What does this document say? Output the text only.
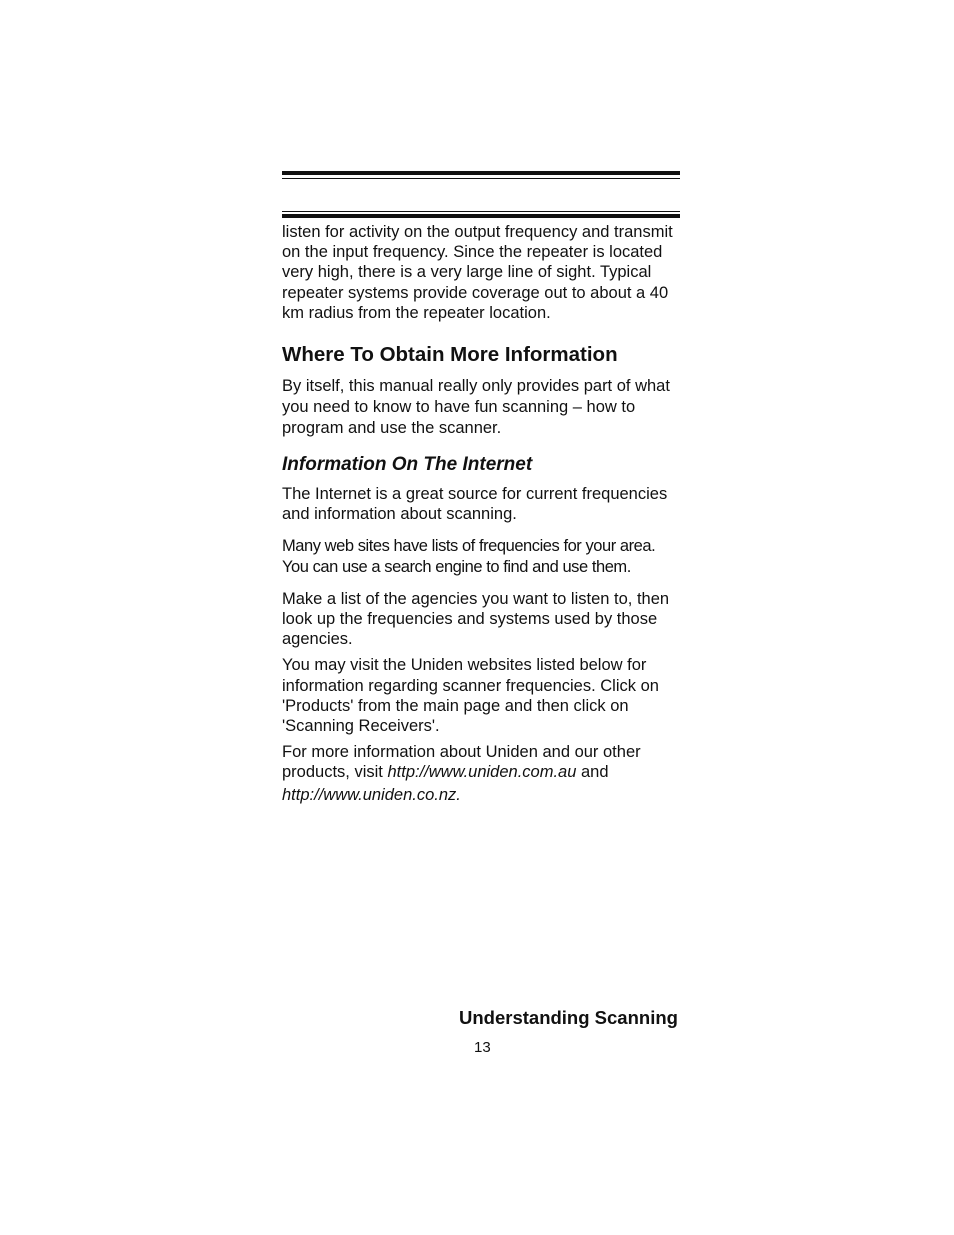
listen for activity on the output frequency and transmit on the input frequency. Since the repeater is located very high, there is a very large line of sight. Typical repeater systems provide coverage out to about a 40 km radius from the repeater location.

Where To Obtain More Information

By itself, this manual really only provides part of what you need to know to have fun scanning – how to program and use the scanner.

Information On The Internet

The Internet is a great source for current frequencies and information about scanning.

Many web sites have lists of frequencies for your area. You can use a search engine to find and use them.

Make a list of the agencies you want to listen to, then look up the frequencies and systems used by those agencies.

You may visit the Uniden websites listed below for information regarding scanner frequencies. Click on 'Products' from the main page and then click on 'Scanning Receivers'.

For more information about Uniden and our other products, visit http://www.uniden.com.au and
http://www.uniden.co.nz.

Understanding Scanning
13
